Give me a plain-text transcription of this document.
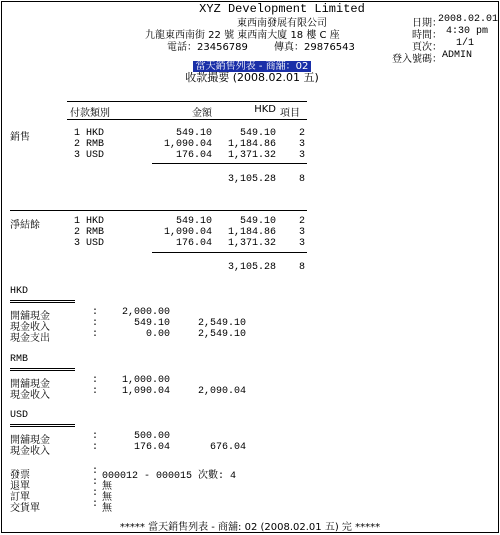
XYZ Development Limited
東西南發展有限公司
九龍東西南街 22 號 東西南大廈 18 樓 C 座
電話：23456789	傳真：29876543
日期：
2008.02.01
時間： 4:30 pm
頁次：	1/1
登入號碼： ADMIN
當天銷售列表 - 商舖：02
收款撮要 (2008.02.01 五)
付款類別	金額	HKD 項目
銷售	1 HKD	549.10	549.10 2
2 RMB	1,090.04	1,184.86 3
3 USD	176.04	1,371.32 3
3,105.28 8
淨結餘	1 HKD	549.10	549.10 2
2 RMB	1,090.04	1,184.86 3
3 USD	176.04	1,371.32 3
3,105.28 8
HKD
開舖現金	:	2,000.00
現金收入	:	549.10	2,549.10
現金支出	:	0.00	2,549.10
RMB
開舖現金	:	1,000.00
現金收入	:	1,090.04	2,090.04
USD
開舖現金	:	500.00
現金收入	:	176.04	676.04
發票	: 000012 - 000015 次數: 4
退單	: 無
訂單	: 無
交貨單	: 無
***** 當天銷售列表 - 商舖: 02 (2008.02.01 五) 完 *****
